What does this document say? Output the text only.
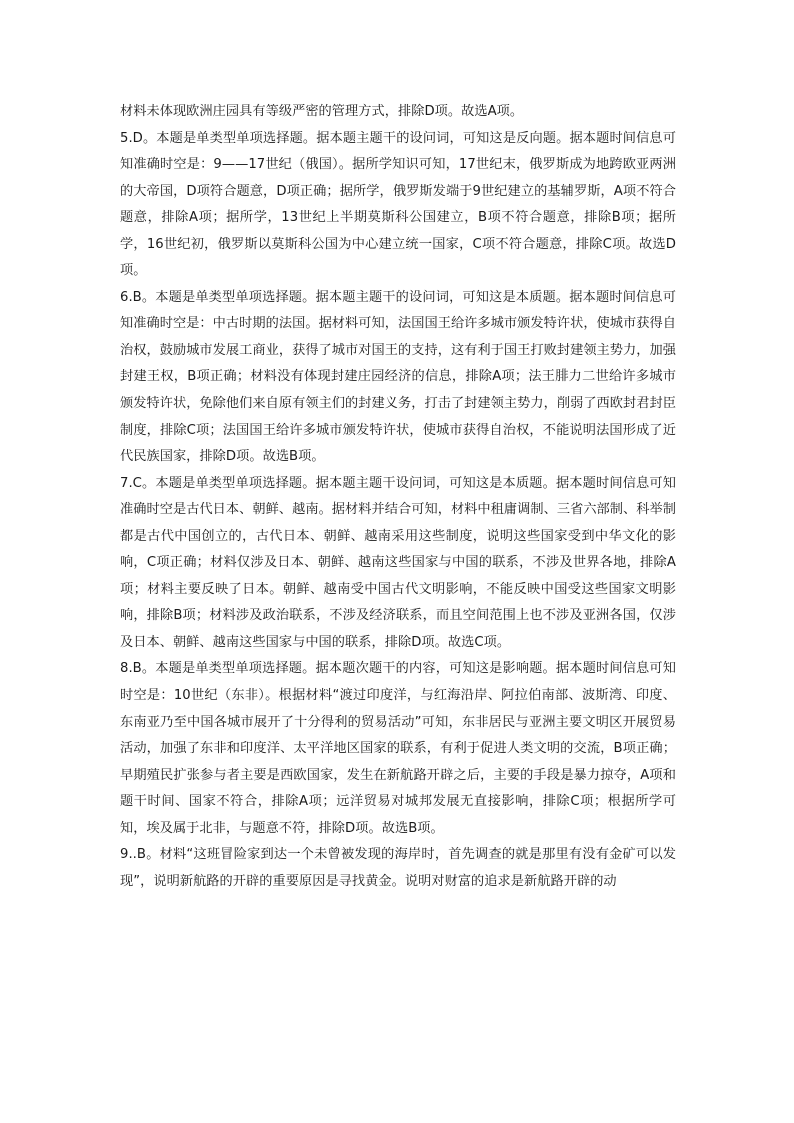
材料未体现欧洲庄园具有等级严密的管理方式，排除D项。故选A项。

5.D。本题是单类型单项选择题。据本题主题干的设问词，可知这是反向题。据本题时间信息可知准确时空是：9——17世纪（俄国）。据所学知识可知，17世纪末，俄罗斯成为地跨欧亚两洲的大帝国，D项符合题意，D项正确；据所学，俄罗斯发端于9世纪建立的基辅罗斯，A项不符合题意，排除A项；据所学，13世纪上半期莫斯科公国建立，B项不符合题意，排除B项；据所学，16世纪初，俄罗斯以莫斯科公国为中心建立统一国家，C项不符合题意，排除C项。故选D项。

6.B。本题是单类型单项选择题。据本题主题干的设问词，可知这是本质题。据本题时间信息可知准确时空是：中古时期的法国。据材料可知，法国国王给许多城市颁发特许状，使城市获得自治权，鼓励城市发展工商业，获得了城市对国王的支持，这有利于国王打败封建领主势力，加强封建王权，B项正确；材料没有体现封建庄园经济的信息，排除A项；法王腓力二世给许多城市颁发特许状，免除他们来自原有领主们的封建义务，打击了封建领主势力，削弱了西欧封君封臣制度，排除C项；法国国王给许多城市颁发特许状，使城市获得自治权，不能说明法国形成了近代民族国家，排除D项。故选B项。

7.C。本题是单类型单项选择题。据本题主题干设问词，可知这是本质题。据本题时间信息可知准确时空是古代日本、朝鲜、越南。据材料并结合可知，材料中租庸调制、三省六部制、科举制都是古代中国创立的，古代日本、朝鲜、越南采用这些制度，说明这些国家受到中华文化的影响，C项正确；材料仅涉及日本、朝鲜、越南这些国家与中国的联系，不涉及世界各地，排除A项；材料主要反映了日本。朝鲜、越南受中国古代文明影响，不能反映中国受这些国家文明影响，排除B项；材料涉及政治联系，不涉及经济联系，而且空间范围上也不涉及亚洲各国，仅涉及日本、朝鲜、越南这些国家与中国的联系，排除D项。故选C项。

8.B。本题是单类型单项选择题。据本题次题干的内容，可知这是影响题。据本题时间信息可知时空是：10世纪（东非）。根据材料“渡过印度洋，与红海沿岸、阿拉伯南部、波斯湾、印度、东南亚乃至中国各城市展开了十分得利的贸易活动”可知，东非居民与亚洲主要文明区开展贸易活动，加强了东非和印度洋、太平洋地区国家的联系，有利于促进人类文明的交流，B项正确；早期殖民扩张参与者主要是西欧国家，发生在新航路开辟之后，主要的手段是暴力掠夺，A项和题干时间、国家不符合，排除A项；远洋贸易对城邦发展无直接影响，排除C项；根据所学可知，埃及属于北非，与题意不符，排除D项。故选B项。

9..B。材料“这班冒险家到达一个未曾被发现的海岸时，首先调查的就是那里有没有金矿可以发现”，说明新航路的开辟的重要原因是寻找黄金。说明对财富的追求是新航路开辟的动
